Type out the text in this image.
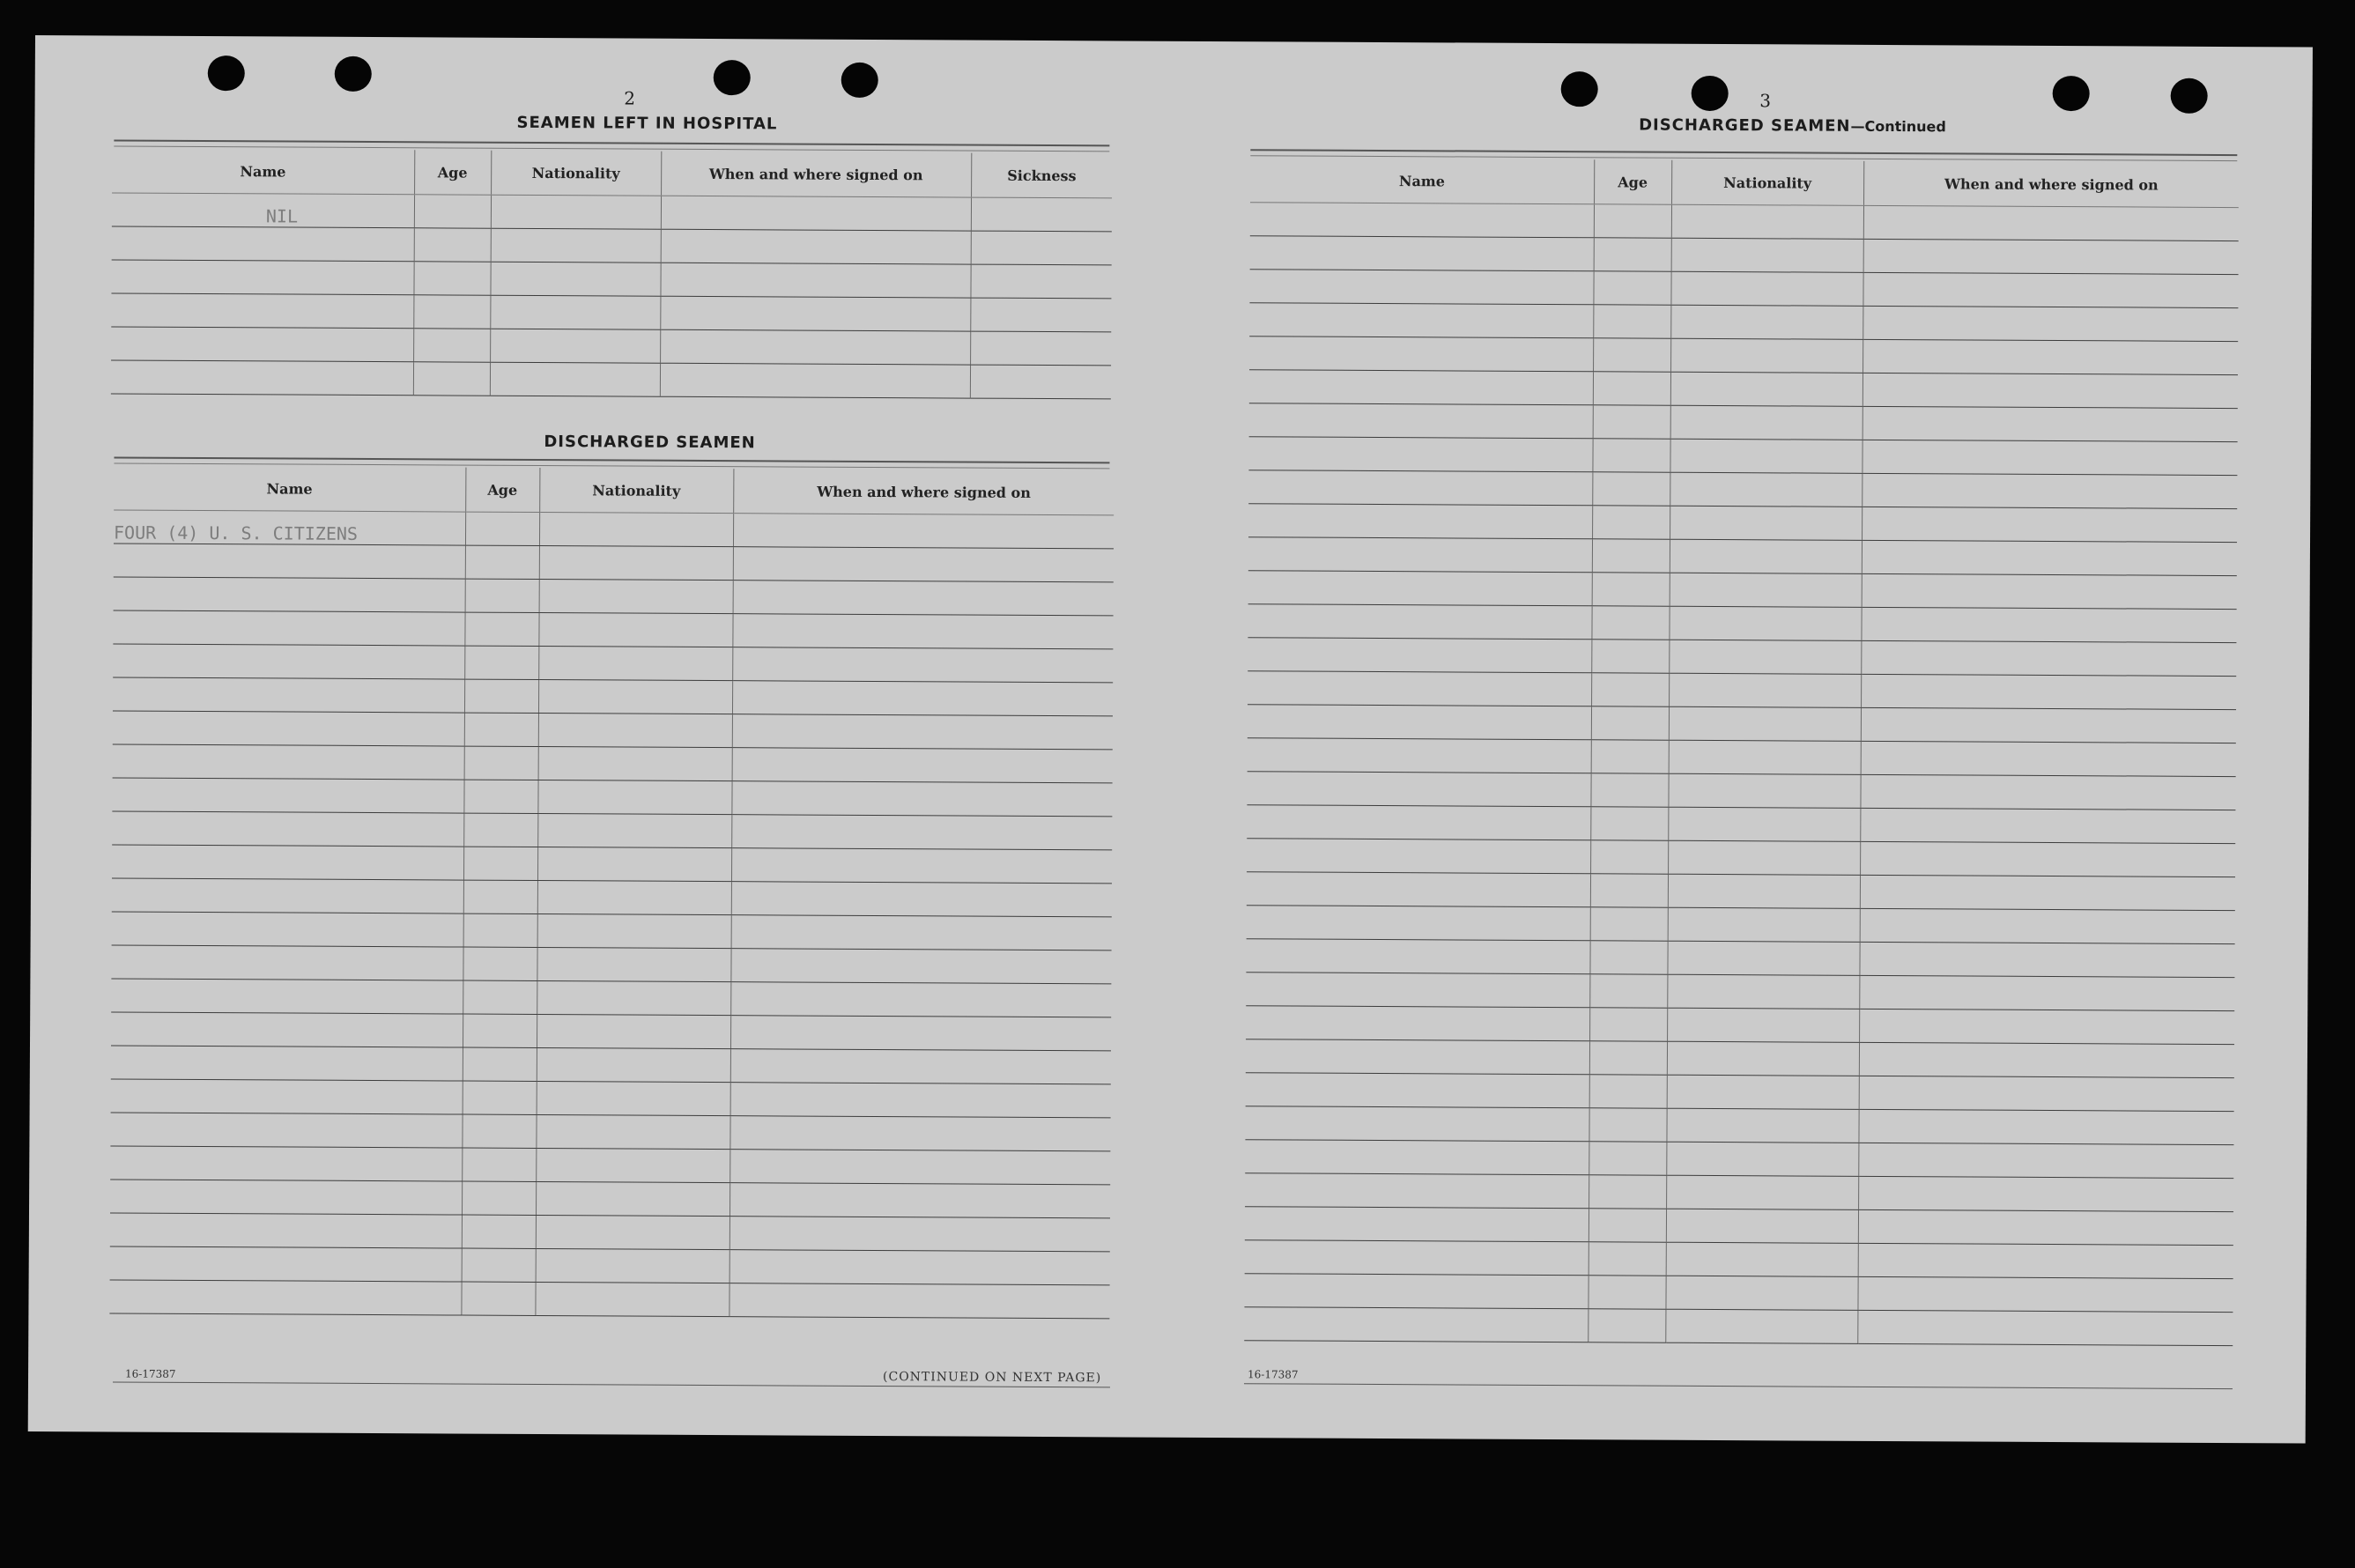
2
SEAMEN LEFT IN HOSPITAL
Name	Age	Nationality	When and where signed on	Sickness
NIL				

DISCHARGED SEAMEN
Name	Age	Nationality	When and where signed on
FOUR (4) U. S. CITIZENS			

16-17387	(CONTINUED ON NEXT PAGE)
3
DISCHARGED SEAMEN—Continued
Name	Age	Nationality	When and where signed on

16-17387
